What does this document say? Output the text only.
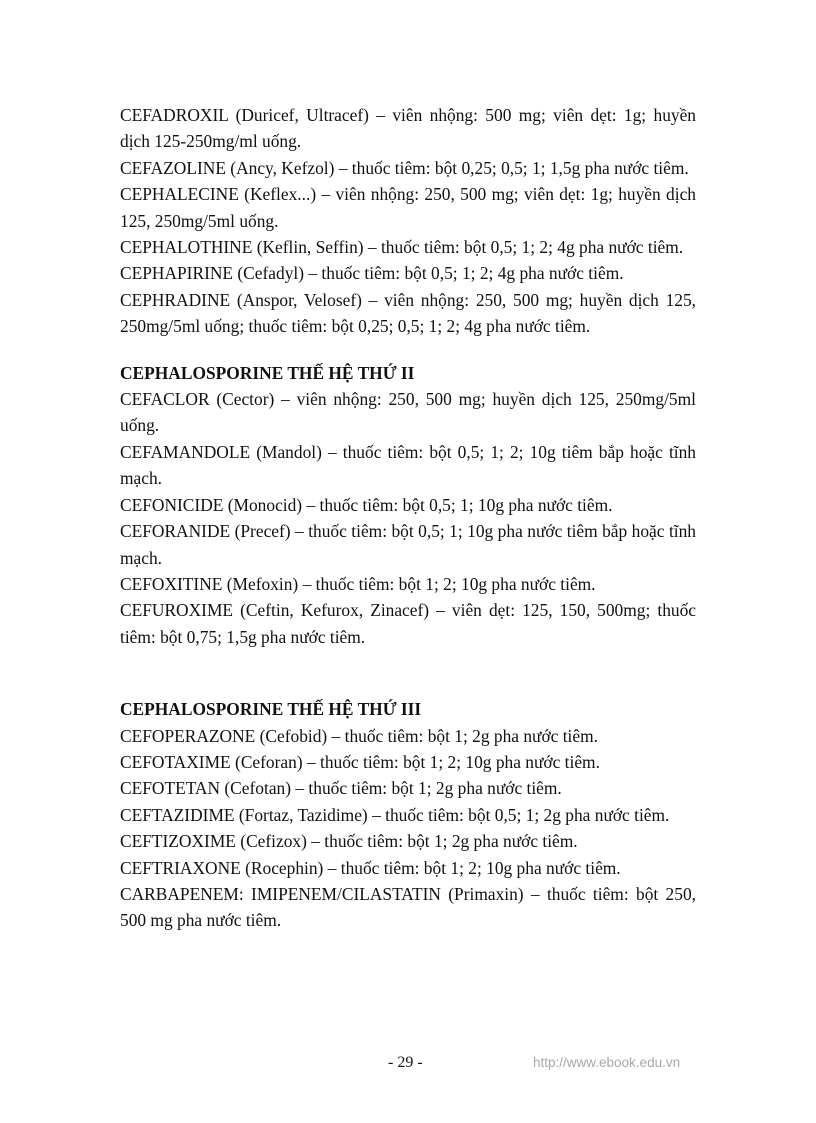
CEFADROXIL (Duricef, Ultracef) – viên nhộng: 500 mg; viên dẹt: 1g; huyền dịch 125-250mg/ml uống.

CEFAZOLINE (Ancy, Kefzol) – thuốc tiêm: bột 0,25; 0,5; 1; 1,5g pha nước tiêm.

CEPHALECINE (Keflex...) – viên nhộng: 250, 500 mg; viên dẹt: 1g; huyền dịch 125, 250mg/5ml uống.

CEPHALOTHINE (Keflin, Seffin) – thuốc tiêm: bột 0,5; 1; 2; 4g pha nước tiêm.

CEPHAPIRINE (Cefadyl) – thuốc tiêm: bột 0,5; 1; 2; 4g pha nước tiêm.

CEPHRADINE (Anspor, Velosef) – viên nhộng: 250, 500 mg; huyền dịch 125, 250mg/5ml uống; thuốc tiêm: bột 0,25; 0,5; 1; 2; 4g pha nước tiêm.

CEPHALOSPORINE THẾ HỆ THỨ II

CEFACLOR (Cector) – viên nhộng: 250, 500 mg; huyền dịch 125, 250mg/5ml uống.

CEFAMANDOLE (Mandol) – thuốc tiêm: bột 0,5; 1; 2; 10g tiêm bắp hoặc tĩnh mạch.

CEFONICIDE (Monocid) – thuốc tiêm: bột 0,5; 1; 10g pha nước tiêm.

CEFORANIDE (Precef) – thuốc tiêm: bột 0,5; 1; 10g pha nước tiêm bắp hoặc tĩnh mạch.

CEFOXITINE (Mefoxin) – thuốc tiêm: bột 1; 2; 10g pha nước tiêm.

CEFUROXIME (Ceftin, Kefurox, Zinacef) – viên dẹt: 125, 150, 500mg; thuốc tiêm: bột 0,75; 1,5g pha nước tiêm.

CEPHALOSPORINE THẾ HỆ THỨ III

CEFOPERAZONE (Cefobid) – thuốc tiêm: bột 1; 2g pha nước tiêm.

CEFOTAXIME (Ceforan) – thuốc tiêm: bột 1; 2; 10g pha nước tiêm.

CEFOTETAN (Cefotan) – thuốc tiêm: bột 1; 2g pha nước tiêm.

CEFTAZIDIME (Fortaz, Tazidime) – thuốc tiêm: bột 0,5; 1; 2g pha nước tiêm.

CEFTIZOXIME (Cefizox) – thuốc tiêm: bột 1; 2g pha nước tiêm.

CEFTRIAXONE (Rocephin) – thuốc tiêm: bột 1; 2; 10g pha nước tiêm.

CARBAPENEM: IMIPENEM/CILASTATIN (Primaxin) – thuốc tiêm: bột 250, 500 mg pha nước tiêm.

- 29 -	http://www.ebook.edu.vn
